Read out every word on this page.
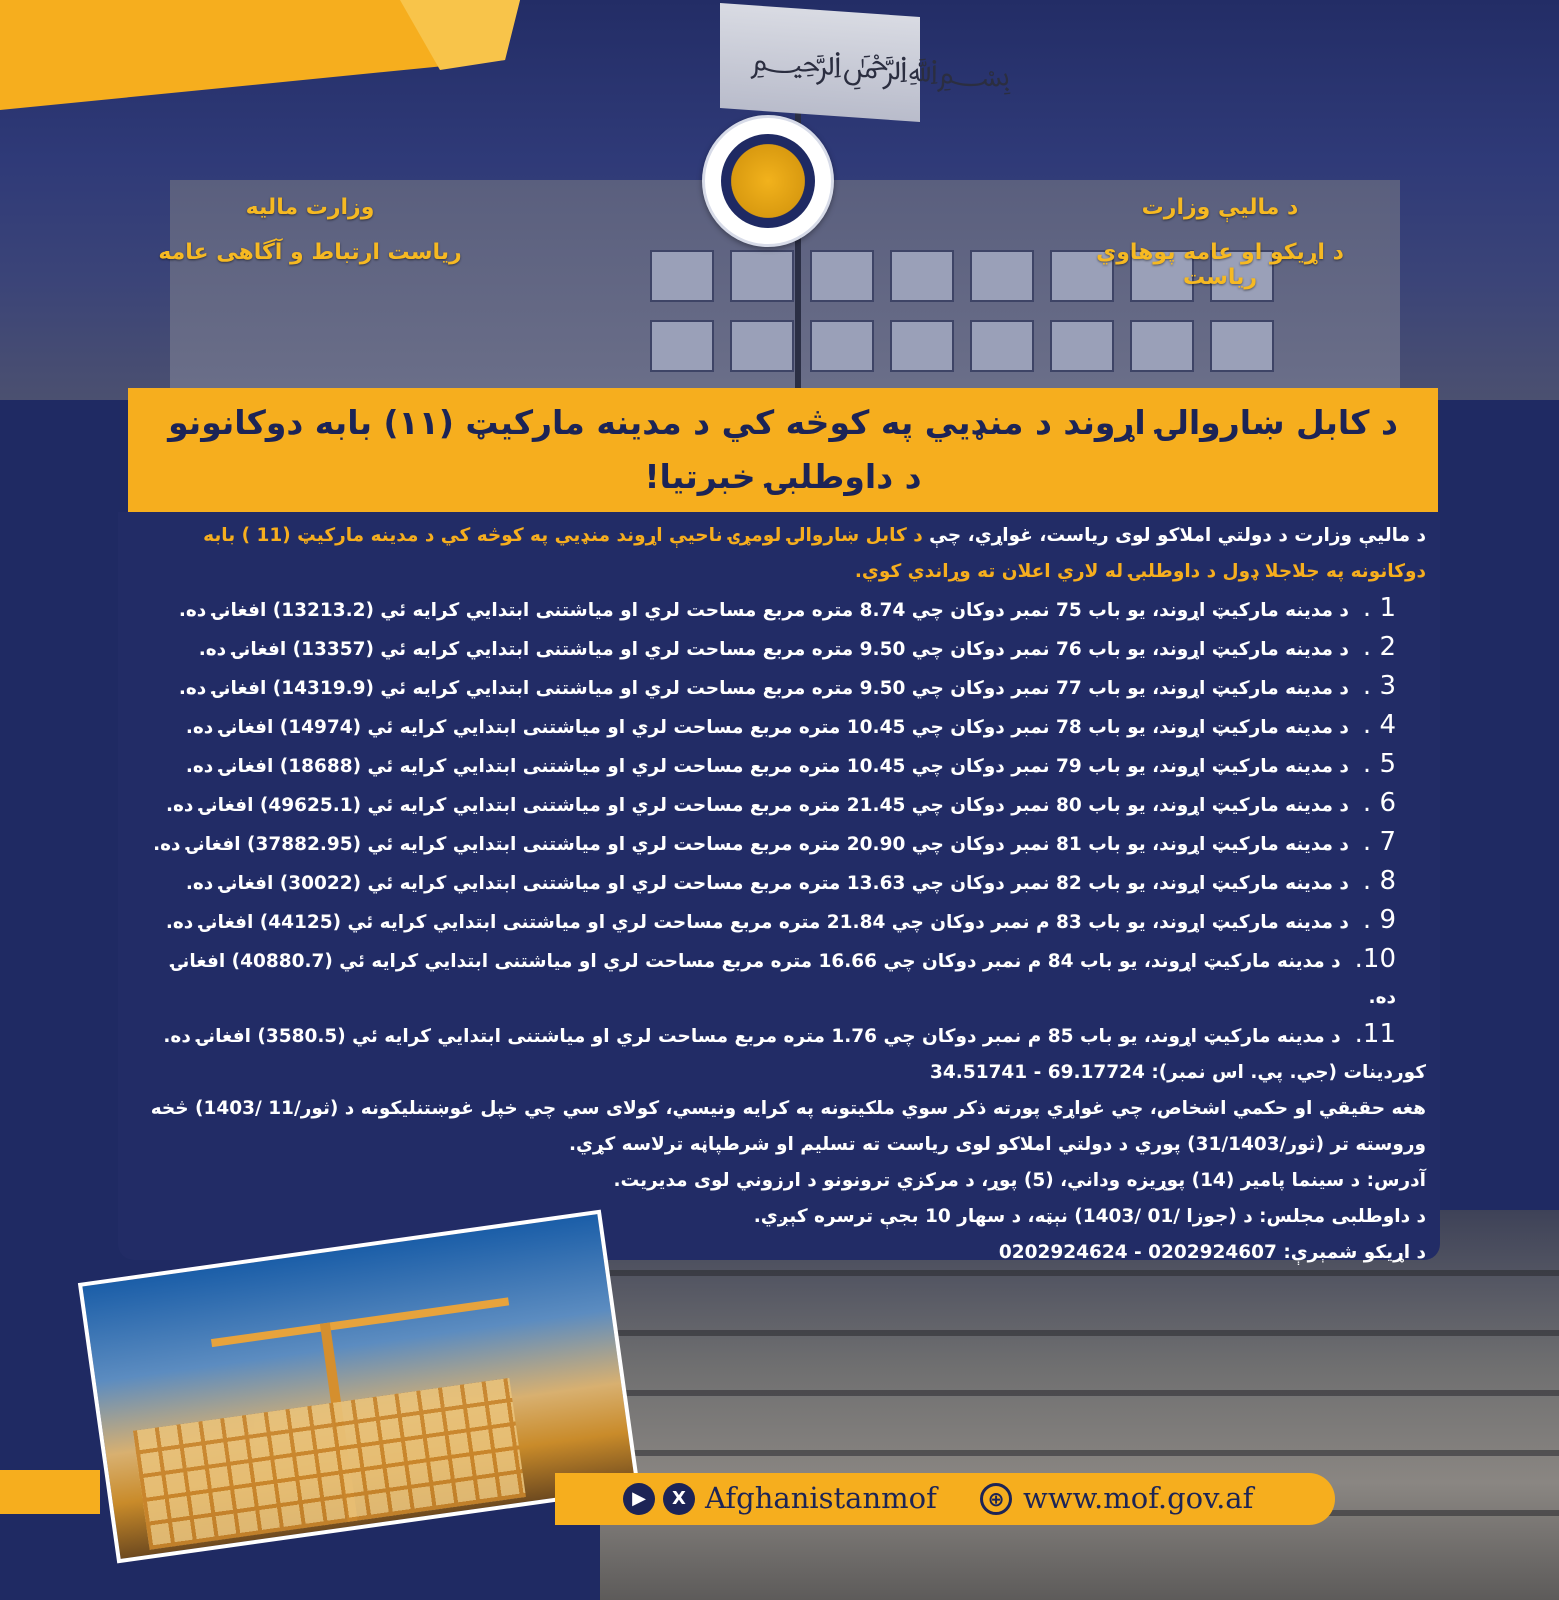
﷽
وزارت مالیه
ریاست ارتباط و آگاهی عامه
د مالیې وزارت
د اړیکو او عامه پوهاوي ریاست
د کابل ښاروالۍ اړوند د منډيي په کوڅه کي د مدينه مارکيټ (۱۱) بابه دوکانونو د داوطلبۍ خبرتيا!
د ماليې وزارت د دولتي املاکو لوی رياست، غواړي، چې د کابل ښاروالۍ لومړۍ ناحيې اړوند منډيي په کوڅه کي د مدينه مارکيټ (11 ) بابه دوکانونه په جلاجلا ډول د داوطلبۍ له لاري اعلان ته وړاندي کوي.
1 .د مدينه مارکيټ اړوند، يو باب 75 نمبر دوکان چي 8.74 متره مربع مساحت لري او مياشتنی ابتدايي کرايه ئي (13213.2) افغانۍ ده.
2 .د مدينه مارکيټ اړوند، يو باب 76 نمبر دوکان چي 9.50 متره مربع مساحت لري او مياشتنی ابتدايي کرايه ئي (13357) افغانۍ ده.
3 .د مدينه مارکيټ اړوند، يو باب 77 نمبر دوکان چي 9.50 متره مربع مساحت لري او مياشتنی ابتدايي کرايه ئي (14319.9) افغانۍ ده.
4 .د مدينه مارکيټ اړوند، يو باب 78 نمبر دوکان چي 10.45 متره مربع مساحت لري او مياشتنی ابتدايي کرايه ئي (14974) افغانۍ ده.
5 .د مدينه مارکيټ اړوند، يو باب 79 نمبر دوکان چي 10.45 متره مربع مساحت لري او مياشتنی ابتدايي کرايه ئي (18688) افغانۍ ده.
6 .د مدينه مارکيټ اړوند، يو باب 80 نمبر دوکان چي 21.45 متره مربع مساحت لري او مياشتنی ابتدايي کرايه ئي (49625.1) افغانۍ ده.
7 .د مدينه مارکيټ اړوند، يو باب 81 نمبر دوکان چي 20.90 متره مربع مساحت لري او مياشتنی ابتدايي کرايه ئي (37882.95) افغانۍ ده.
8 .د مدينه مارکيټ اړوند، يو باب 82 نمبر دوکان چي 13.63 متره مربع مساحت لري او مياشتنی ابتدايي کرايه ئي (30022) افغانۍ ده.
9 .د مدينه مارکيټ اړوند، يو باب 83 م نمبر دوکان چي 21.84 متره مربع مساحت لري او مياشتنی ابتدايي کرايه ئي (44125) افغانۍ ده.
10.د مدينه مارکيټ اړوند، يو باب 84 م نمبر دوکان چي 16.66 متره مربع مساحت لري او مياشتنی ابتدايي کرايه ئي (40880.7) افغانۍ ده.
11.د مدينه مارکيټ اړوند، يو باب 85 م نمبر دوکان چي 1.76 متره مربع مساحت لري او مياشتنی ابتدايي کرايه ئي (3580.5) افغانۍ ده.
کوردينات (جي. پي. اس نمبر): 69.17724 - 34.51741
هغه حقيقي او حکمي اشخاص، چي غواړي پورته ذکر سوي ملکيتونه په کرايه ونيسي، کولای سي چي خپل غوښتنليکونه د (ثور/11 /1403) څخه وروسته تر (ثور/31/1403) پوري د دولتي املاکو لوی رياست ته تسليم او شرطپاڼه ترلاسه کړي.
آدرس: د سينما پامير (14) پوړيزه وداني، (5) پوړ، د مرکزي ترونونو د ارزوني لوی مديريت.
د داوطلبی مجلس: د (جوزا /01 /1403) نېټه، د سهار 10 بجې ترسره کېږي.
د اړيکو شمېرې: 0202924607 - 0202924624
▶	X Afghanistanmof	⊕ www.mof.gov.af
